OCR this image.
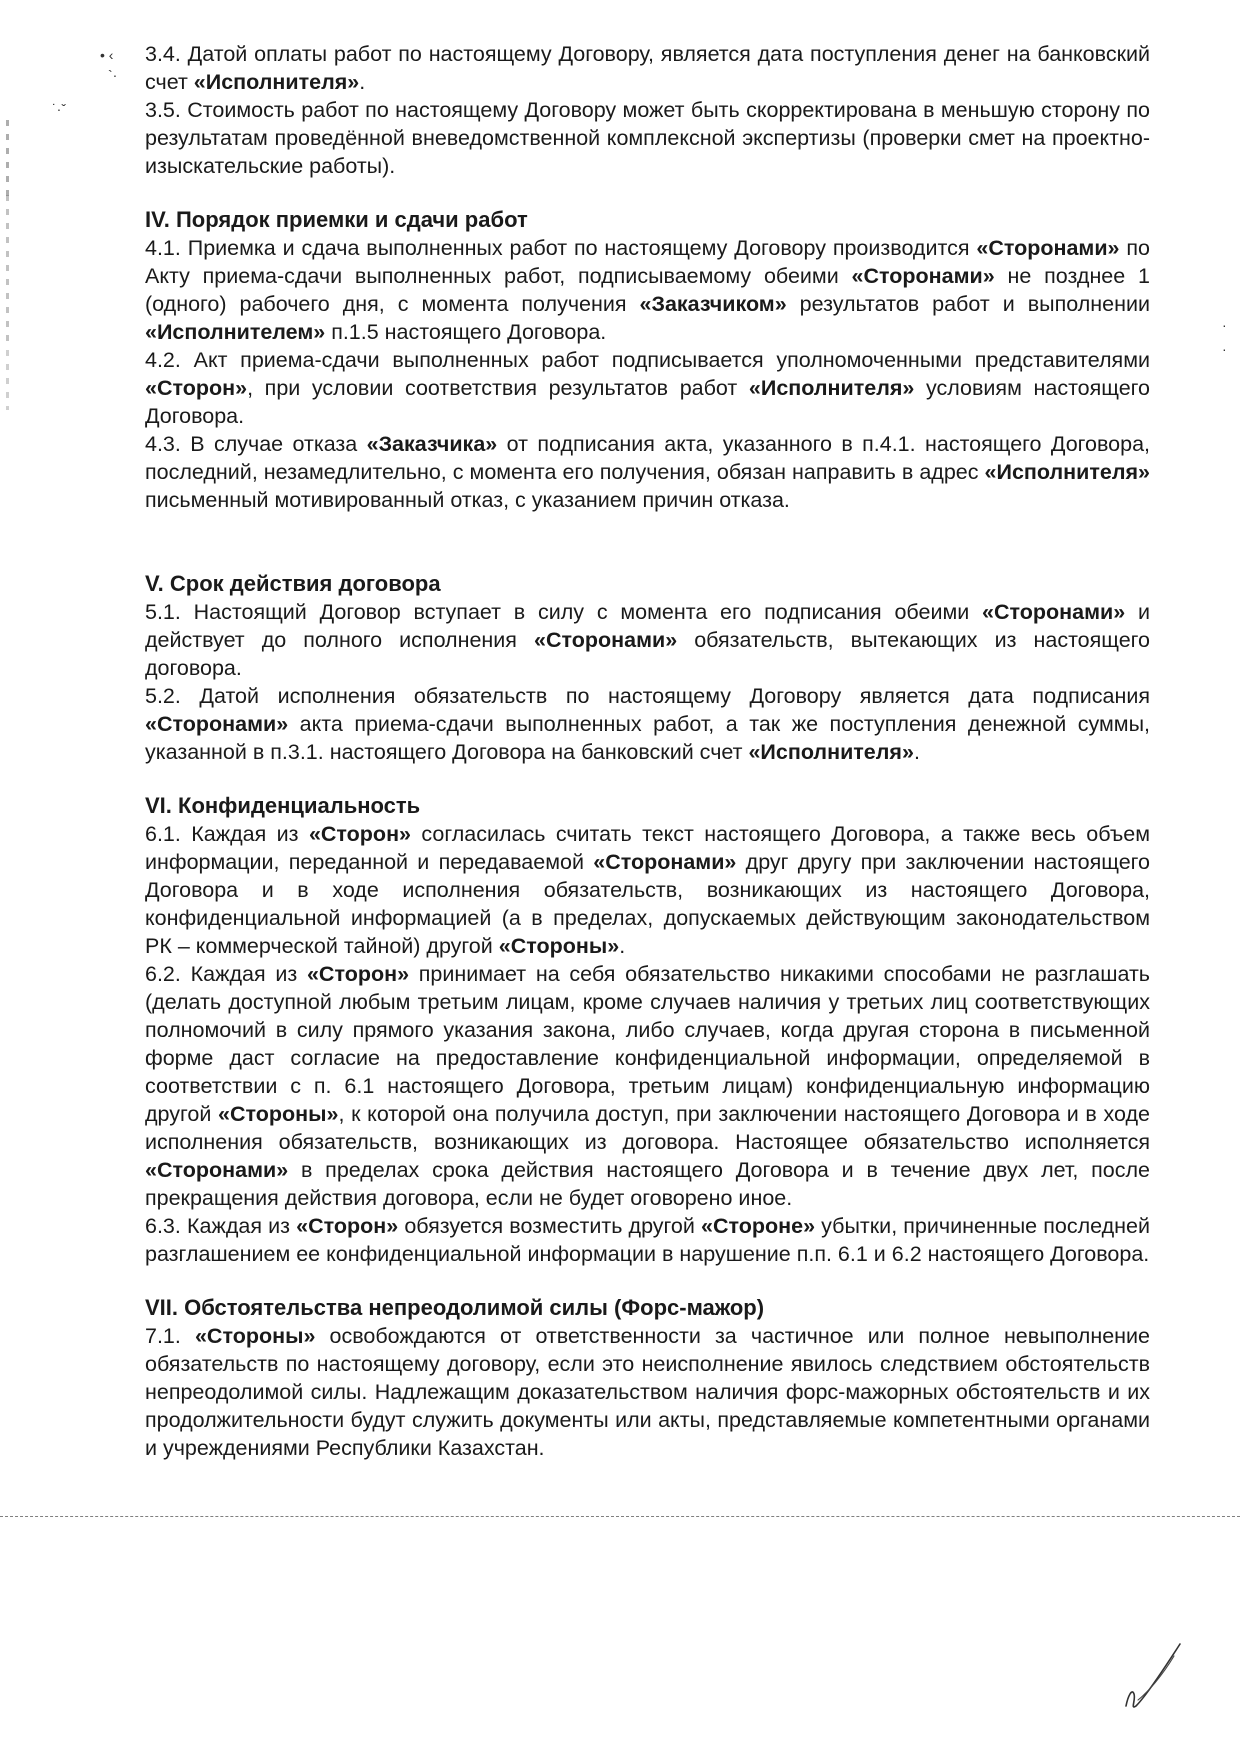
• ‹
`·
˙·ˇ
·
·

3.4. Датой оплаты работ по настоящему Договору, является дата поступления денег на банковский счет «Исполнителя».

3.5. Стоимость работ по настоящему Договору может быть скорректирована в меньшую сторону по результатам проведённой вневедомственной комплексной экспертизы (проверки смет на проектно-изыскательские работы).

IV. Порядок приемки и сдачи работ

4.1. Приемка и сдача выполненных работ по настоящему Договору производится «Сторонами» по Акту приема-сдачи выполненных работ, подписываемому обеими «Сторонами» не позднее 1 (одного) рабочего дня, с момента получения «Заказчиком» результатов работ и выполнении «Исполнителем» п.1.5 настоящего Договора.

4.2. Акт приема-сдачи выполненных работ подписывается уполномоченными представителями «Сторон», при условии соответствия результатов работ «Исполнителя» условиям настоящего Договора.

4.3. В случае отказа «Заказчика» от подписания акта, указанного в п.4.1. настоящего Договора, последний, незамедлительно, с момента его получения, обязан направить в адрес «Исполнителя» письменный мотивированный отказ, с указанием причин отказа.

V. Срок действия договора

5.1. Настоящий Договор вступает в силу с момента его подписания обеими «Сторонами» и действует до полного исполнения «Сторонами» обязательств, вытекающих из настоящего договора.

5.2. Датой исполнения обязательств по настоящему Договору является дата подписания «Сторонами» акта приема-сдачи выполненных работ, а так же поступления денежной суммы, указанной в п.3.1. настоящего Договора на банковский счет «Исполнителя».

VI. Конфиденциальность

6.1. Каждая из «Сторон» согласилась считать текст настоящего Договора, а также весь объем информации, переданной и передаваемой «Сторонами» друг другу при заключении настоящего Договора и в ходе исполнения обязательств, возникающих из настоящего Договора, конфиденциальной информацией (а в пределах, допускаемых действующим законодательством РК – коммерческой тайной) другой «Стороны».

6.2. Каждая из «Сторон» принимает на себя обязательство никакими способами не разглашать (делать доступной любым третьим лицам, кроме случаев наличия у третьих лиц соответствующих полномочий в силу прямого указания закона, либо случаев, когда другая сторона в письменной форме даст согласие на предоставление конфиденциальной информации, определяемой в соответствии с п. 6.1 настоящего Договора, третьим лицам) конфиденциальную информацию другой «Стороны», к которой она получила доступ, при заключении настоящего Договора и в ходе исполнения обязательств, возникающих из договора. Настоящее обязательство исполняется «Сторонами» в пределах срока действия настоящего Договора и в течение двух лет, после прекращения действия договора, если не будет оговорено иное.

6.3. Каждая из «Сторон» обязуется возместить другой «Стороне» убытки, причиненные последней разглашением ее конфиденциальной информации в нарушение п.п. 6.1 и 6.2 настоящего Договора.

VII. Обстоятельства непреодолимой силы (Форс-мажор)

7.1. «Стороны» освобождаются от ответственности за частичное или полное невыполнение обязательств по настоящему договору, если это неисполнение явилось следствием обстоятельств непреодолимой силы. Надлежащим доказательством наличия форс-мажорных обстоятельств и их продолжительности будут служить документы или акты, представляемые компетентными органами и учреждениями Республики Казахстан.
